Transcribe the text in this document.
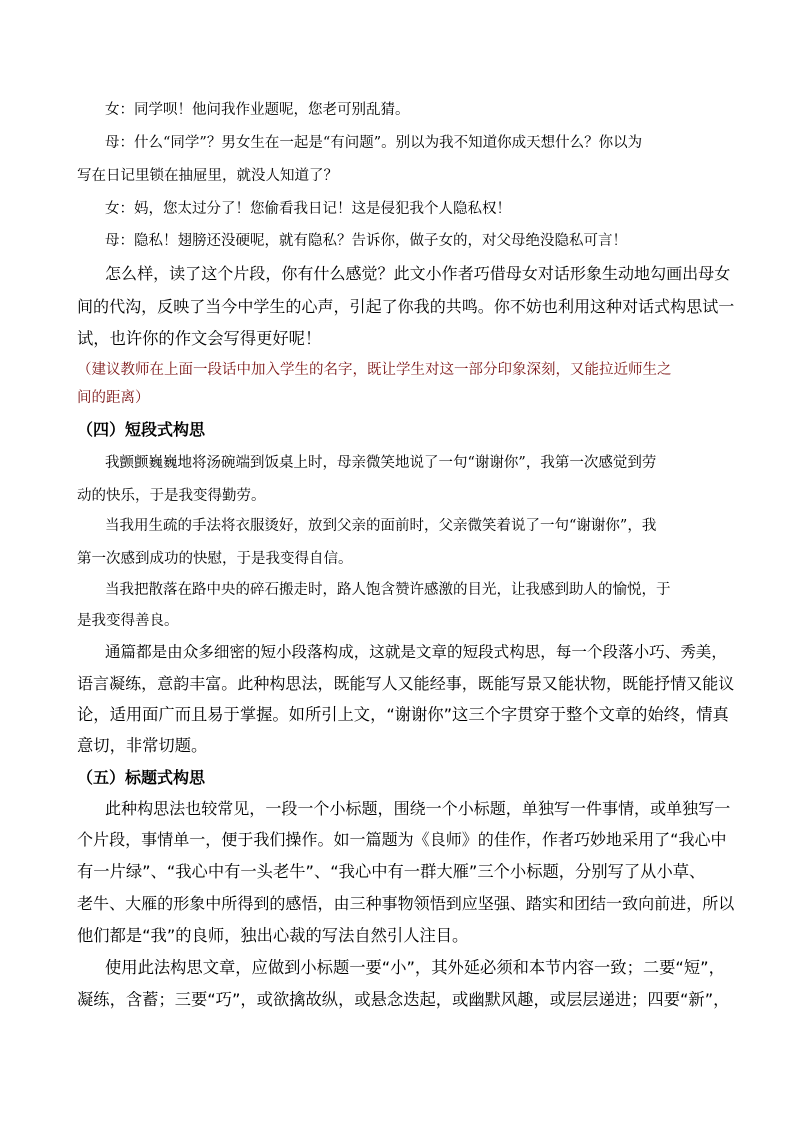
女：同学呗！他问我作业题呢，您老可别乱猜。
母：什么“同学”？男女生在一起是“有问题”。别以为我不知道你成天想什么？你以为
写在日记里锁在抽屉里，就没人知道了？
女：妈，您太过分了！您偷看我日记！这是侵犯我个人隐私权！
母：隐私！翅膀还没硬呢，就有隐私？告诉你，做子女的，对父母绝没隐私可言！
怎么样，读了这个片段，你有什么感觉？此文小作者巧借母女对话形象生动地勾画出母女
间的代沟，反映了当今中学生的心声，引起了你我的共鸣。你不妨也利用这种对话式构思试一
试，也许你的作文会写得更好呢！
（建议教师在上面一段话中加入学生的名字，既让学生对这一部分印象深刻，又能拉近师生之
间的距离）
（四）短段式构思
我颤颤巍巍地将汤碗端到饭桌上时，母亲微笑地说了一句“谢谢你”，我第一次感觉到劳
动的快乐，于是我变得勤劳。
当我用生疏的手法将衣服烫好，放到父亲的面前时，父亲微笑着说了一句“谢谢你”，我
第一次感到成功的快慰，于是我变得自信。
当我把散落在路中央的碎石搬走时，路人饱含赞许感激的目光，让我感到助人的愉悦，于
是我变得善良。
通篇都是由众多细密的短小段落构成，这就是文章的短段式构思，每一个段落小巧、秀美，
语言凝练，意韵丰富。此种构思法，既能写人又能经事，既能写景又能状物，既能抒情又能议
论，适用面广而且易于掌握。如所引上文，“谢谢你”这三个字贯穿于整个文章的始终，情真
意切，非常切题。
（五）标题式构思
此种构思法也较常见，一段一个小标题，围绕一个小标题，单独写一件事情，或单独写一
个片段，事情单一，便于我们操作。如一篇题为《良师》的佳作，作者巧妙地采用了“我心中
有一片绿”、“我心中有一头老牛”、“我心中有一群大雁”三个小标题，分别写了从小草、
老牛、大雁的形象中所得到的感悟，由三种事物领悟到应坚强、踏实和团结一致向前进，所以
他们都是“我”的良师，独出心裁的写法自然引人注目。
使用此法构思文章，应做到小标题一要“小”，其外延必须和本节内容一致；二要“短”，
凝练，含蓄；三要“巧”，或欲擒故纵，或悬念迭起，或幽默风趣，或层层递进；四要“新”，
